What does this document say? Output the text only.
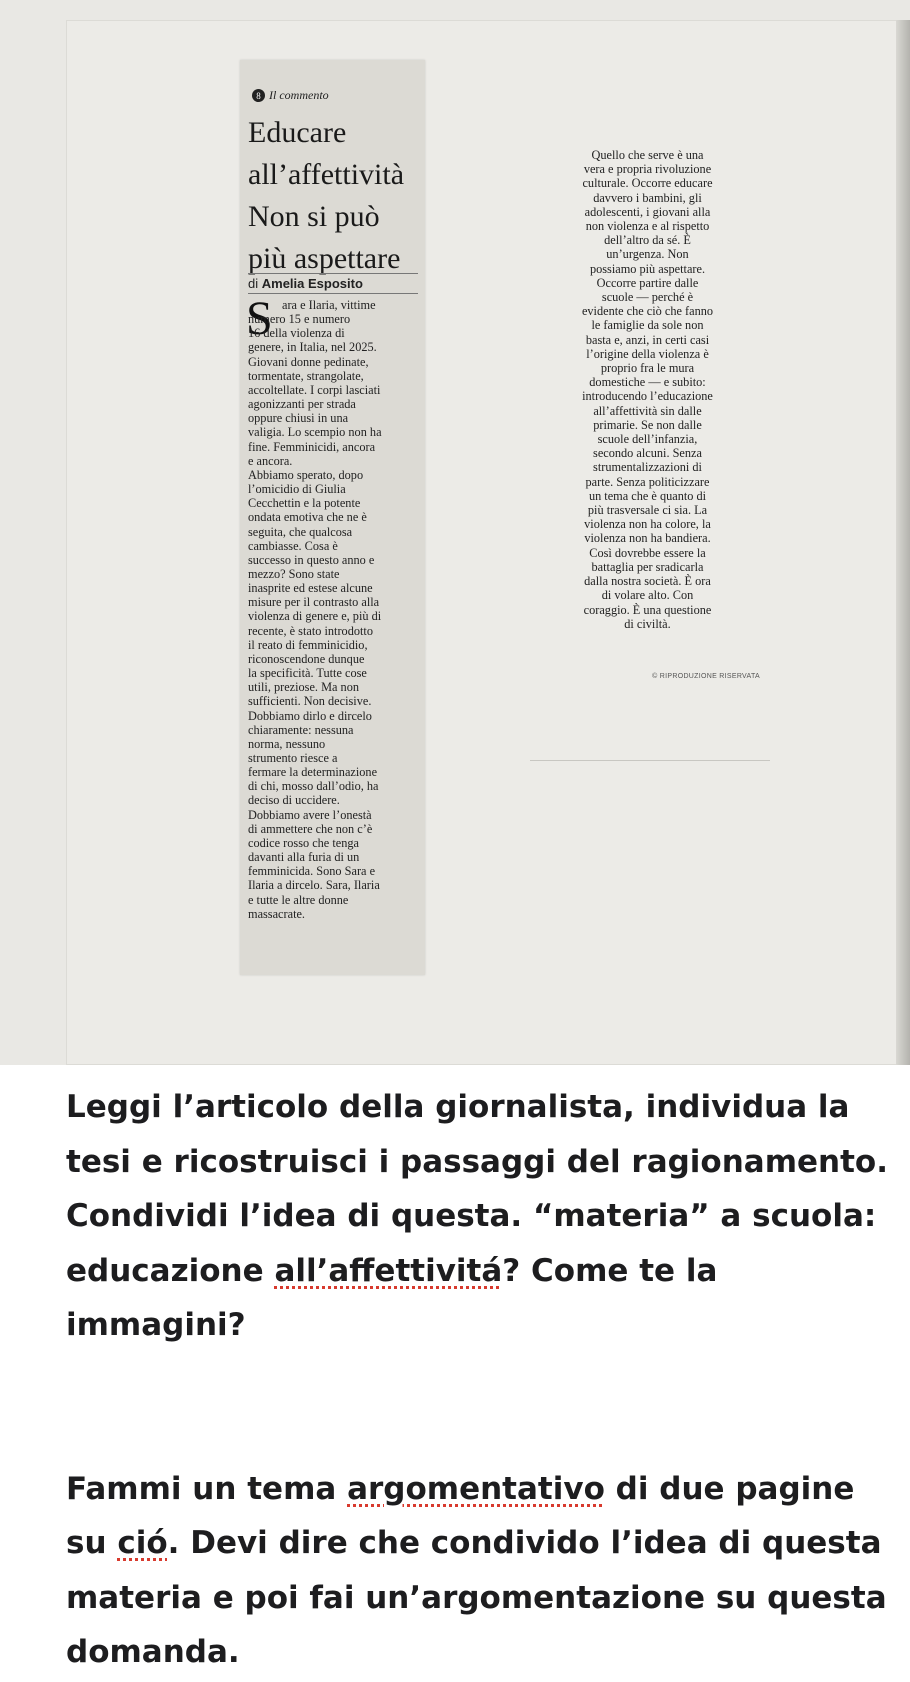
8 Il commento
Educare all’affettività Non si può più aspettare
di Amelia Esposito
S ara e Ilaria, vittime
numero 15 e numero
16 della violenza di
genere, in Italia, nel 2025.
Giovani donne pedinate,
tormentate, strangolate,
accoltellate. I corpi lasciati
agonizzanti per strada
oppure chiusi in una
valigia. Lo scempio non ha
fine. Femminicidi, ancora
e ancora.
Abbiamo sperato, dopo
l’omicidio di Giulia
Cecchettin e la potente
ondata emotiva che ne è
seguita, che qualcosa
cambiasse. Cosa è
successo in questo anno e
mezzo? Sono state
inasprite ed estese alcune
misure per il contrasto alla
violenza di genere e, più di
recente, è stato introdotto
il reato di femminicidio,
riconoscendone dunque
la specificità. Tutte cose
utili, preziose. Ma non
sufficienti. Non decisive.
Dobbiamo dirlo e dircelo
chiaramente: nessuna
norma, nessuno
strumento riesce a
fermare la determinazione
di chi, mosso dall’odio, ha
deciso di uccidere.
Dobbiamo avere l’onestà
di ammettere che non c’è
codice rosso che tenga
davanti alla furia di un
femminicida. Sono Sara e
Ilaria a dircelo. Sara, Ilaria
e tutte le altre donne
massacrate.
Quello che serve è una
vera e propria rivoluzione
culturale. Occorre educare
davvero i bambini, gli
adolescenti, i giovani alla
non violenza e al rispetto
dell’altro da sé. È
un’urgenza. Non
possiamo più aspettare.
Occorre partire dalle
scuole — perché è
evidente che ciò che fanno
le famiglie da sole non
basta e, anzi, in certi casi
l’origine della violenza è
proprio fra le mura
domestiche — e subito:
introducendo l’educazione
all’affettività sin dalle
primarie. Se non dalle
scuole dell’infanzia,
secondo alcuni. Senza
strumentalizzazioni di
parte. Senza politicizzare
un tema che è quanto di
più trasversale ci sia. La
violenza non ha colore, la
violenza non ha bandiera.
Così dovrebbe essere la
battaglia per sradicarla
dalla nostra società. È ora
di volare alto. Con
coraggio. È una questione
di civiltà.
© RIPRODUZIONE RISERVATA

Leggi l’articolo della giornalista, individua la tesi e ricostruisci i passaggi del ragionamento. Condividi l’idea di questa. “materia” a scuola: educazione all’affettivitá? Come te la immagini?

Fammi un tema argomentativo di due pagine su ció. Devi dire che condivido l’idea di questa materia e poi fai un’argomentazione su questa domanda.
